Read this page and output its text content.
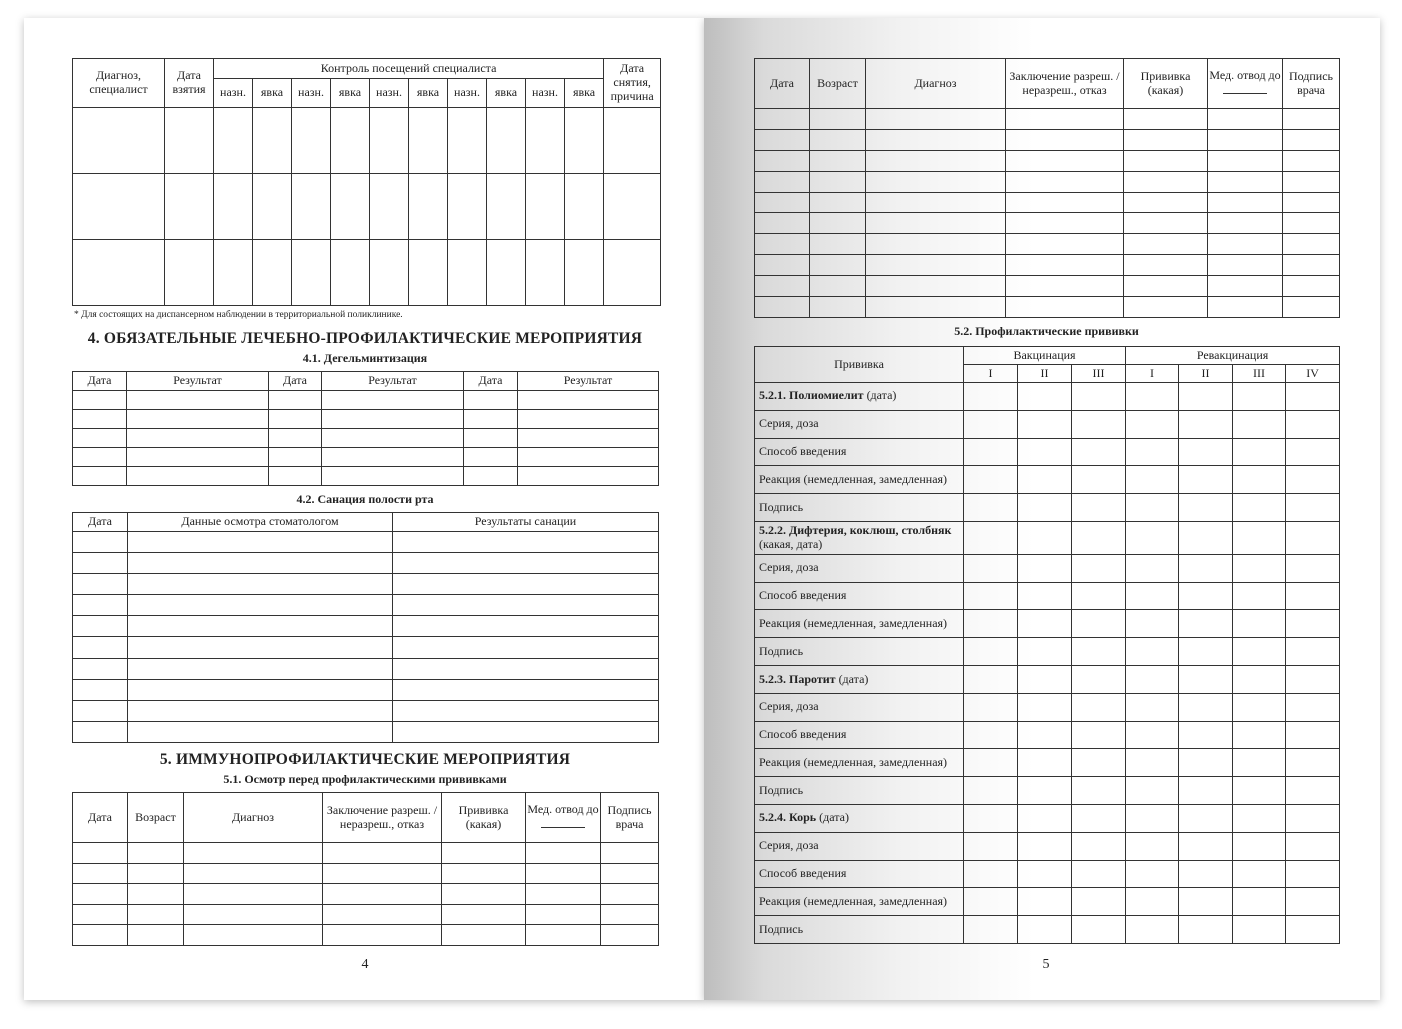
Диагноз, специалист	Дата взятия	Контроль посещений специалиста										Дата снятия, причина
		назн.	явка	назн.	явка	назн.	явка	назн.	явка	назн.	явка	

* Для состоящих на диспансерном наблюдении в территориальной поликлинике.
4. ОБЯЗАТЕЛЬНЫЕ ЛЕЧЕБНО-ПРОФИЛАКТИЧЕСКИЕ МЕРОПРИЯТИЯ
4.1. Дегельминтизация
Дата	Результат	Дата	Результат	Дата	Результат

4.2. Санация полости рта
Дата	Данные осмотра стоматологом	Результаты санации

5. ИММУНОПРОФИЛАКТИЧЕСКИЕ МЕРОПРИЯТИЯ
5.1. Осмотр перед профилактическими прививками
Дата	Возраст	Диагноз	Заключение разреш. / неразреш., отказ	Прививка (какая)	Мед. отвод до	Подпись врача

4
Дата	Возраст	Диагноз	Заключение разреш. / неразреш., отказ	Прививка (какая)	Мед. отвод до	Подпись врача

5.2. Профилактические прививки
Прививка	Вакцинация			Ревакцинация			
	I	II	III	I	II	III	IV
5.2.1. Полиомиелит (дата)							
Серия, доза							
Способ введения							
Реакция (немедленная, замедленная)							
Подпись							
5.2.2. Дифтерия, коклюш, столбняк
(какая, дата)							
Серия, доза							
Способ введения							
Реакция (немедленная, замедленная)							
Подпись							
5.2.3. Паротит (дата)							
Серия, доза							
Способ введения							
Реакция (немедленная, замедленная)							
Подпись							
5.2.4. Корь (дата)							
Серия, доза							
Способ введения							
Реакция (немедленная, замедленная)							
Подпись							
5
